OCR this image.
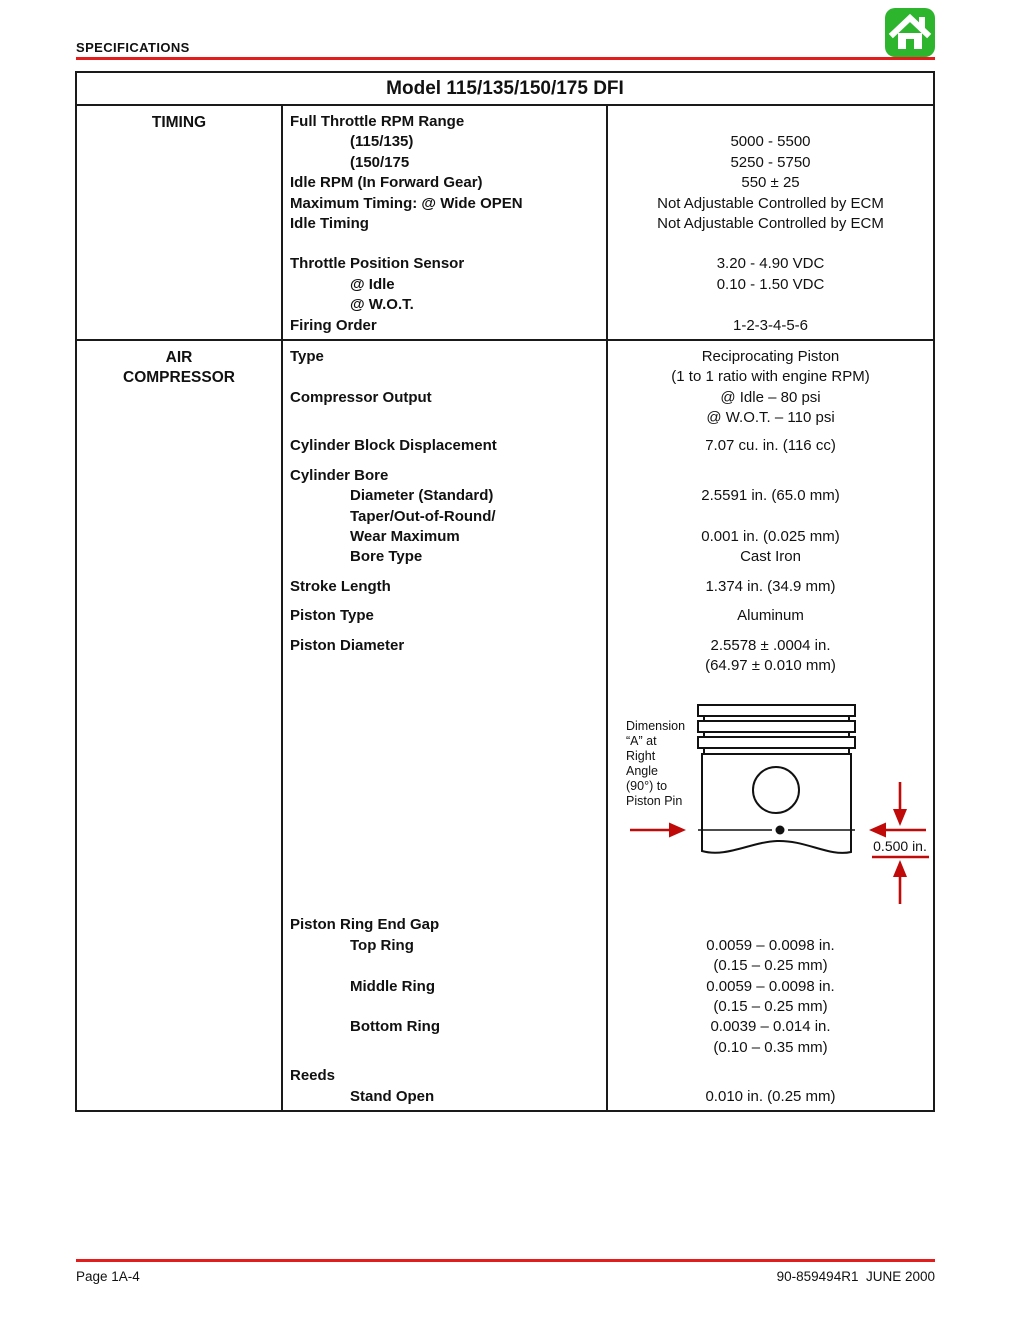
SPECIFICATIONS
Model 115/135/150/175 DFI
TIMING	Full Throttle RPM Range
(115/135)	5000 - 5500
(150/175	5250 - 5750
Idle RPM (In Forward Gear)	550 ± 25
Maximum Timing: @ Wide OPEN	Not Adjustable Controlled by ECM
Idle Timing	Not Adjustable Controlled by ECM
Throttle Position Sensor	3.20 - 4.90 VDC
@ Idle	0.10 - 1.50 VDC
@ W.O.T.
Firing Order	1-2-3-4-5-6
AIR
COMPRESSOR
Type	Reciprocating Piston
(1 to 1 ratio with engine RPM)
Compressor Output	@ Idle – 80 psi
@ W.O.T. – 110 psi
Cylinder Block Displacement	7.07 cu. in. (116 cc)
Cylinder Bore
Diameter (Standard)	2.5591 in. (65.0 mm)
Taper/Out-of-Round/
Wear Maximum	0.001 in. (0.025 mm)
Bore Type	Cast Iron
Stroke Length	1.374 in. (34.9 mm)
Piston Type	Aluminum
Piston Diameter	2.5578 ± .0004 in.
(64.97 ± 0.010 mm)
Dimension
“A” at
Right
Angle
(90°) to
Piston Pin
0.500 in.
Piston Ring End Gap
Top Ring	0.0059 – 0.0098 in.
(0.15 – 0.25 mm)
Middle Ring	0.0059 – 0.0098 in.
(0.15 – 0.25 mm)
Bottom Ring	0.0039 – 0.014 in.
(0.10 – 0.35 mm)
Reeds
Stand Open	0.010 in. (0.25 mm)
Page 1A-4	90-859494R1  JUNE 2000
